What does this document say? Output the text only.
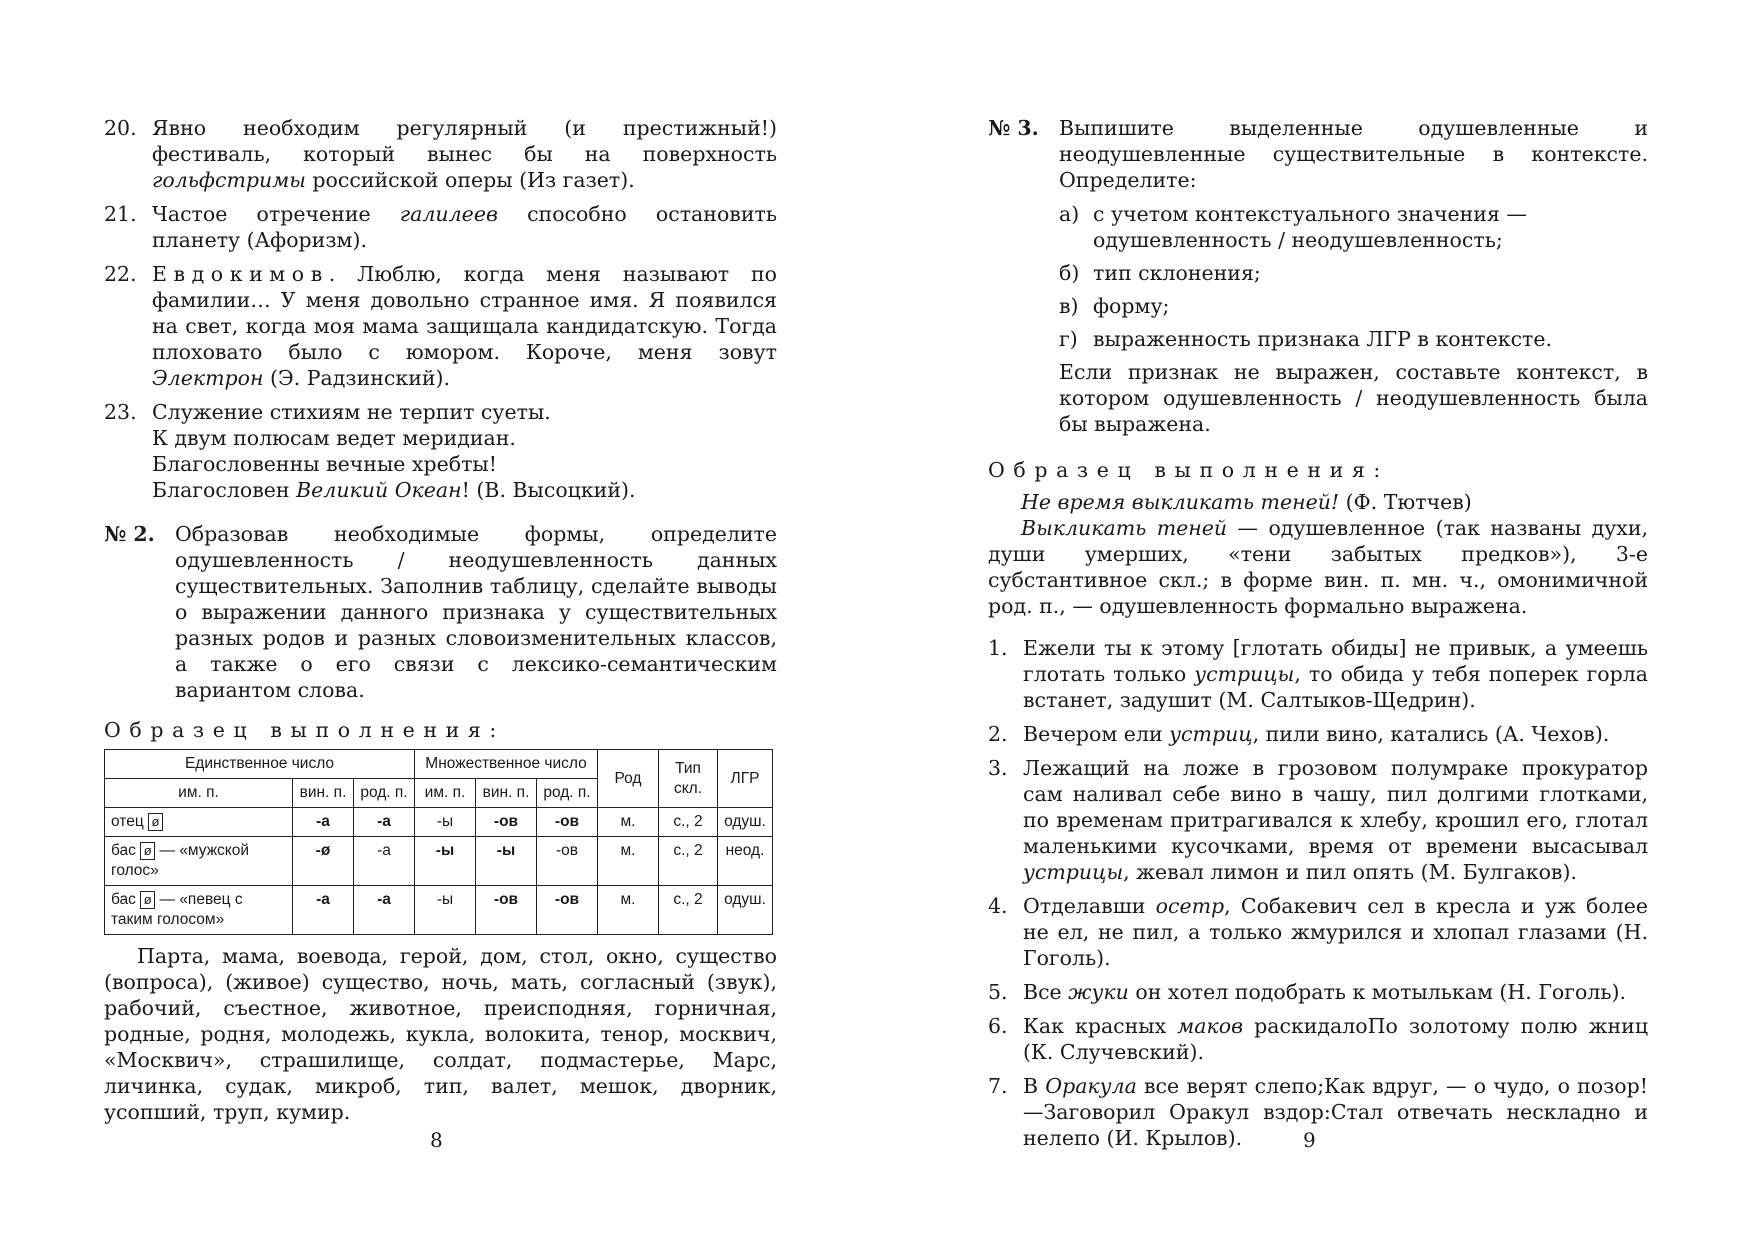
20. Явно необходим регулярный (и престижный!) фестиваль, который вынес бы на поверхность гольфстримы российской оперы (Из газет).
21. Частое отречение галилеев способно остановить планету (Афоризм).
22. Евдокимов. Люблю, когда меня называют по фамилии… У меня довольно странное имя. Я появился на свет, когда моя мама защищала кандидатскую. Тогда плоховато было с юмором. Короче, меня зовут Электрон (Э. Радзинский).
23. Служение стихиям не терпит суеты.
К двум полюсам ведет меридиан.
Благословенны вечные хребты!
Благословен Великий Океан! (В. Высоцкий).
№ 2. Образовав необходимые формы, определите одушевленность / неодушевленность данных существительных. Заполнив таблицу, сделайте выводы о выражении данного признака у существительных разных родов и разных словоизменительных классов, а также о его связи с лексико-семантическим вариантом слова.
Образец выполнения:
Единственное число			Множественное число			Род	Тип скл.	ЛГР
им. п.	вин. п.	род. п.	им. п.	вин. п.	род. п.			
отец ø	-а	-а	-ы	-ов	-ов	м.	с., 2	одуш.
бас ø — «мужской голос»	-ø	-а	-ы	-ы	-ов	м.	с., 2	неод.
бас ø — «певец с таким голосом»	-а	-а	-ы	-ов	-ов	м.	с., 2	одуш.
Парта, мама, воевода, герой, дом, стол, окно, существо (вопроса), (живое) существо, ночь, мать, согласный (звук), рабочий, съестное, животное, преисподняя, горничная, родные, родня, молодежь, кукла, волокита, тенор, москвич, «Москвич», страшилище, солдат, подмастерье, Марс, личинка, судак, микроб, тип, валет, мешок, дворник, усопший, труп, кумир.
8
№ 3. Выпишите выделенные одушевленные и неодушевленные существительные в контексте. Определите:
а) с учетом контекстуального значения — одушевленность / неодушевленность;
б) тип склонения;
в) форму;
г) выраженность признака ЛГР в контексте.
Если признак не выражен, составьте контекст, в котором одушевленность / неодушевленность была бы выражена.
Образец выполнения:
Не время выкликать теней! (Ф. Тютчев)
Выкликать теней — одушевленное (так названы духи, души умерших, «тени забытых предков»), 3-е субстантивное скл.; в форме вин. п. мн. ч., омонимичной род. п., — одушевленность формально выражена.
1. Ежели ты к этому [глотать обиды] не привык, а умеешь глотать только устрицы, то обида у тебя поперек горла встанет, задушит (М. Салтыков-Щедрин).
2. Вечером ели устриц, пили вино, катались (А. Чехов).
3. Лежащий на ложе в грозовом полумраке прокуратор сам наливал себе вино в чашу, пил долгими глотками, по временам притрагивался к хлебу, крошил его, глотал маленькими кусочками, время от времени высасывал устрицы, жевал лимон и пил опять (М. Булгаков).
4. Отделавши осетр, Собакевич сел в кресла и уж более не ел, не пил, а только жмурился и хлопал глазами (Н. Гоголь).
5. Все жуки он хотел подобрать к мотылькам (Н. Гоголь).
6. Как красных маков раскидалоПо золотому полю жниц (К. Случевский).
7. В Оракула все верят слепо;Как вдруг, — о чудо, о позор! —Заговорил Оракул вздор:Стал отвечать нескладно и нелепо (И. Крылов).	9
